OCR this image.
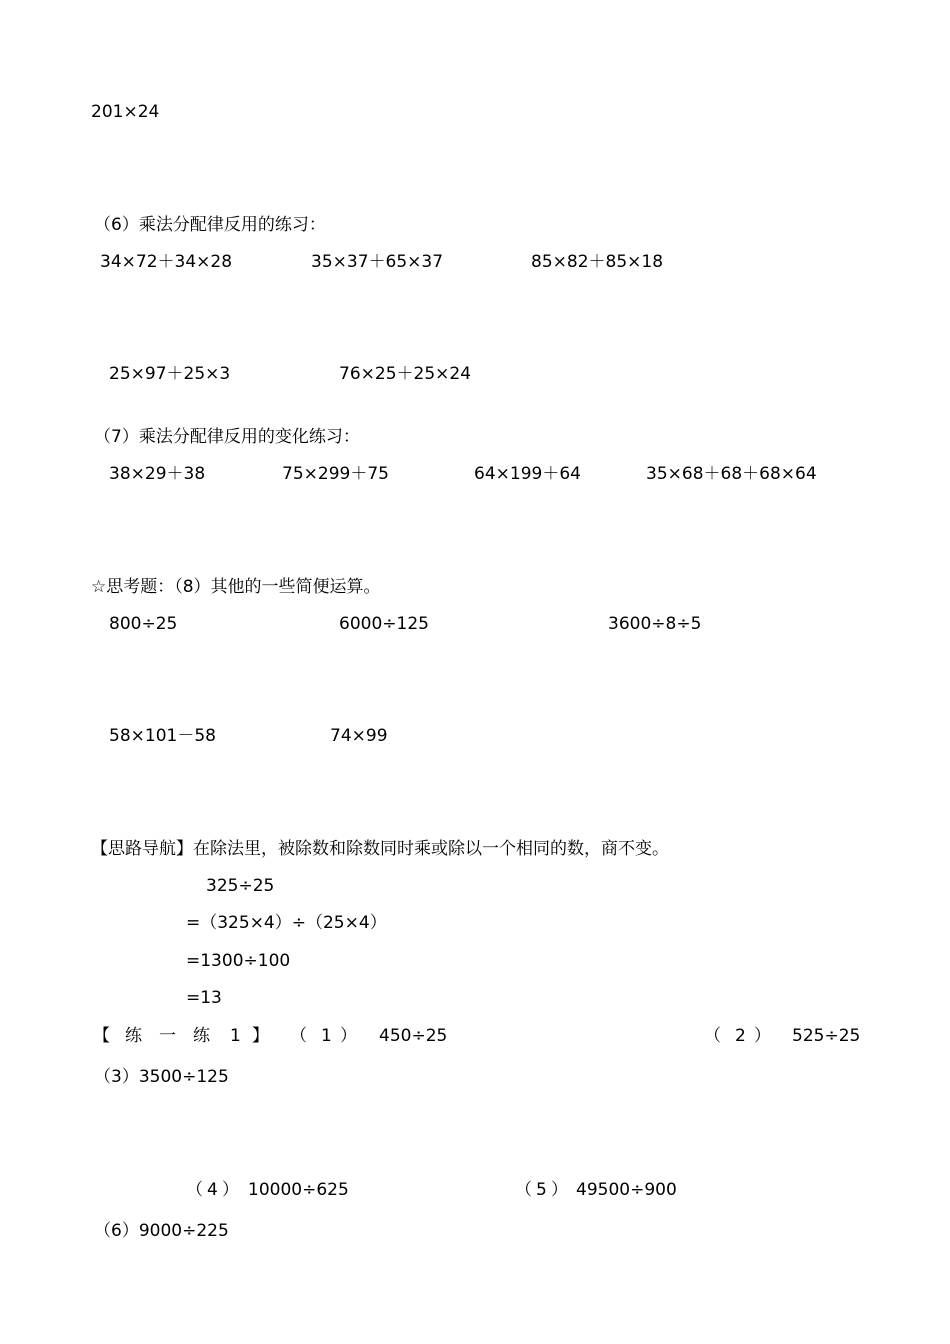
201×24
（6）乘法分配律反用的练习：
34×72＋34×28	35×37＋65×37	85×82＋85×18
25×97＋25×3	76×25＋25×24
（7）乘法分配律反用的变化练习：
38×29＋38	75×299＋75	64×199＋64	35×68＋68＋68×64
☆思考题：（8）其他的一些简便运算。
800÷25	6000÷125	3600÷8÷5
58×101－58	74×99
【思路导航】在除法里，被除数和除数同时乘或除以一个相同的数，商不变。
325÷25
=（325×4）÷（25×4）
=1300÷100
=13
【 练 一 练 1 】 （ 1 ） 450÷25	（ 2 ） 525÷25
（3）3500÷125
（ 4 ） 10000÷625	（ 5 ） 49500÷900
（6）9000÷225
